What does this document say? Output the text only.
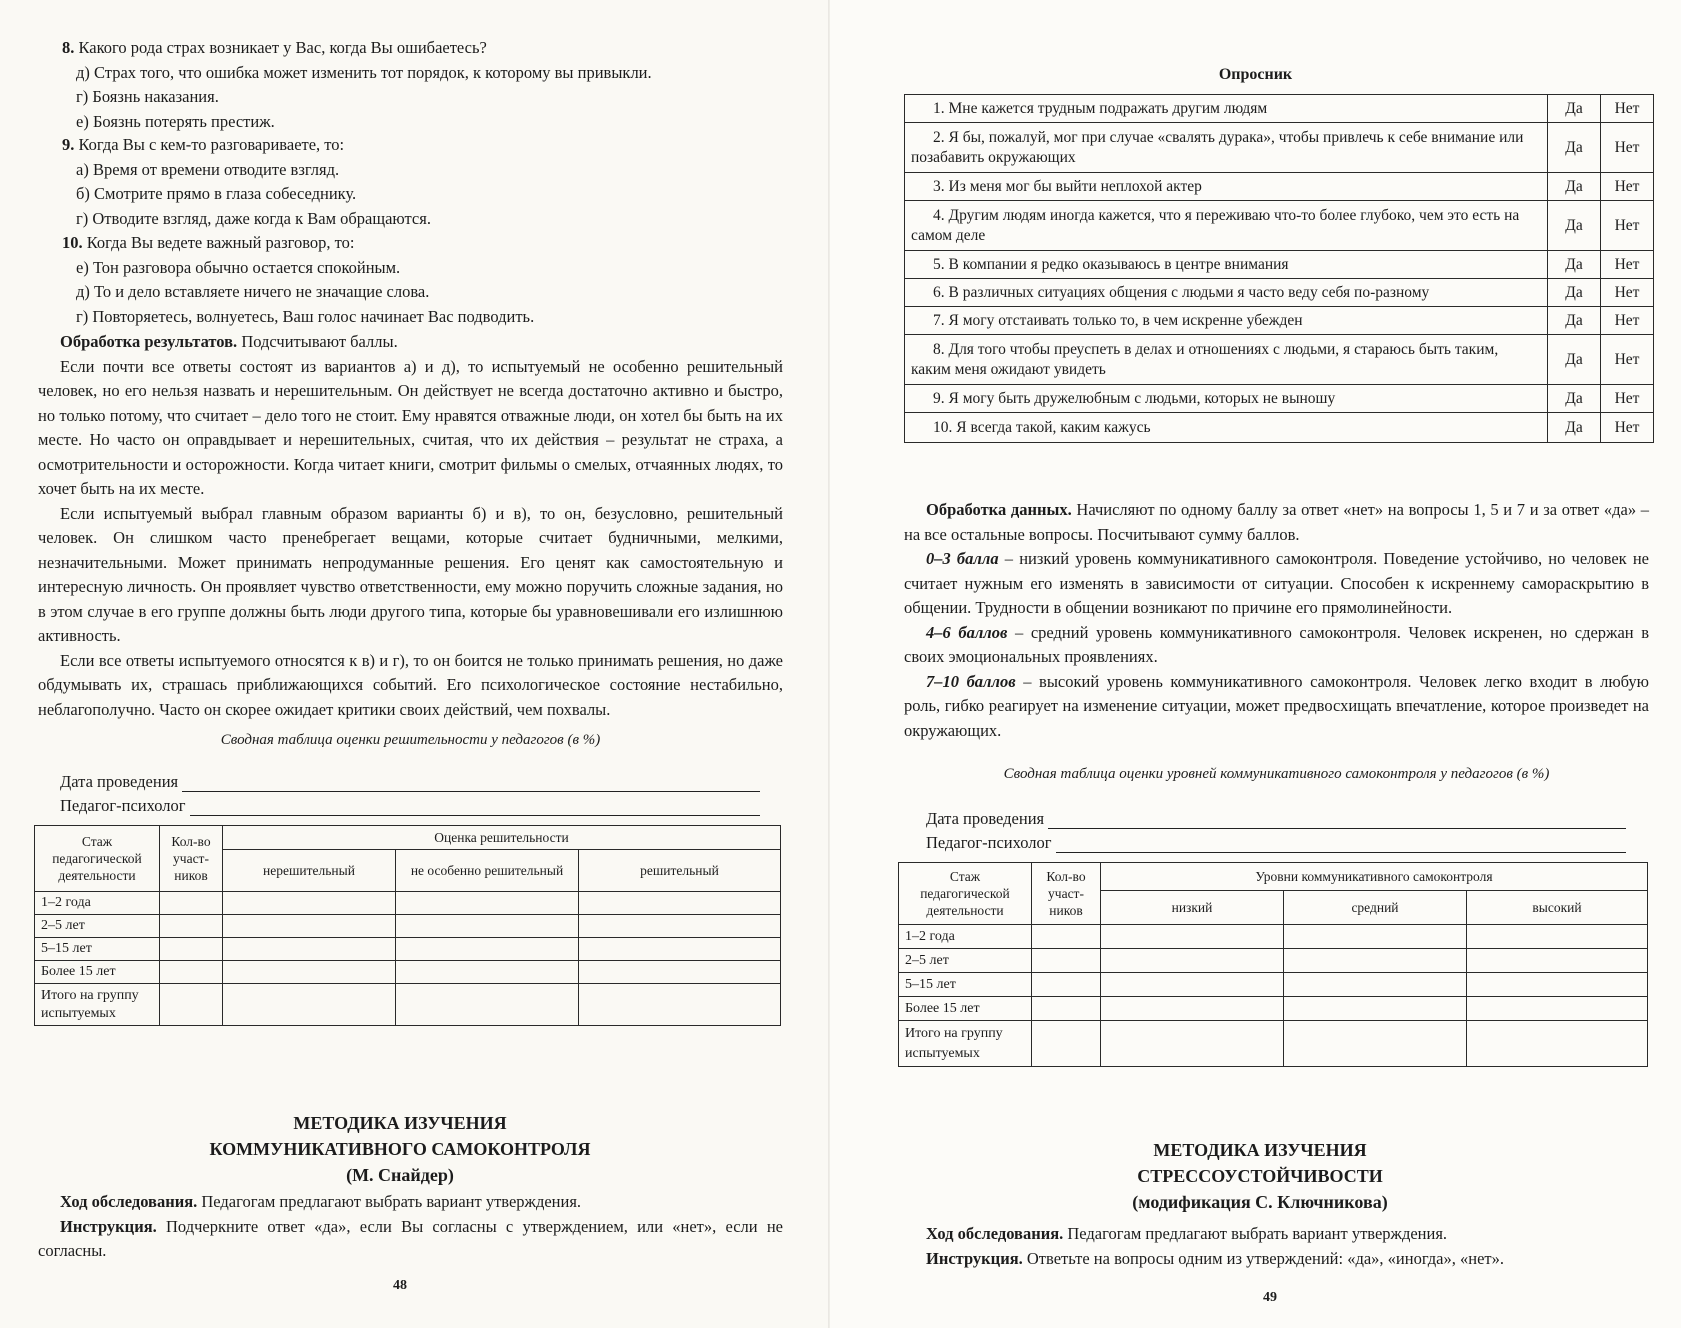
8. Какого рода страх возникает у Вас, когда Вы ошибаетесь?

д) Страх того, что ошибка может изменить тот порядок, к которому вы привыкли.

г) Боязнь наказания.

е) Боязнь потерять престиж.

9. Когда Вы с кем-то разговариваете, то:

а) Время от времени отводите взгляд.

б) Смотрите прямо в глаза собеседнику.

г) Отводите взгляд, даже когда к Вам обращаются.

10. Когда Вы ведете важный разговор, то:

е) Тон разговора обычно остается спокойным.

д) То и дело вставляете ничего не значащие слова.

г) Повторяетесь, волнуетесь, Ваш голос начинает Вас подводить.

Обработка результатов. Подсчитывают баллы.

Если почти все ответы состоят из вариантов а) и д), то испытуемый не особенно решительный человек, но его нельзя назвать и нерешительным. Он действует не всегда достаточно активно и быстро, но только потому, что считает – дело того не стоит. Ему нравятся отважные люди, он хотел бы быть на их месте. Но часто он оправдывает и нерешительных, считая, что их действия – результат не страха, а осмотрительности и осторожности. Когда читает книги, смотрит фильмы о смелых, отчаянных людях, то хочет быть на их месте.

Если испытуемый выбрал главным образом варианты б) и в), то он, безусловно, решительный человек. Он слишком часто пренебрегает вещами, которые считает будничными, мелкими, незначительными. Может принимать непродуманные решения. Его ценят как самостоятельную и интересную личность. Он проявляет чувство ответственности, ему можно поручить сложные задания, но в этом случае в его группе должны быть люди другого типа, которые бы уравновешивали его излишнюю активность.

Если все ответы испытуемого относятся к в) и г), то он боится не только принимать решения, но даже обдумывать их, страшась приближающихся событий. Его психологическое состояние нестабильно, неблагополучно. Часто он скорее ожидает критики своих действий, чем похвалы.

Сводная таблица оценки решительности у педагогов (в %)
Дата проведения
Педагог-психолог
Стаж педагогической деятельности	Кол-во участ-ников	Оценка решительности		
		нерешительный	не особенно решительный	решительный
1–2 года				
2–5 лет				
5–15 лет				
Более 15 лет				
Итого на группу испытуемых				
МЕТОДИКА ИЗУЧЕНИЯ
КОММУНИКАТИВНОГО САМОКОНТРОЛЯ
(М. Снайдер)

Ход обследования. Педагогам предлагают выбрать вариант утверждения.

Инструкция. Подчеркните ответ «да», если Вы согласны с утверждением, или «нет», если не согласны.

48
Опросник
1. Мне кажется трудным подражать другим людям	Да	Нет
2. Я бы, пожалуй, мог при случае «свалять дурака», чтобы привлечь к себе внимание или позабавить окружающих	Да	Нет
3. Из меня мог бы выйти неплохой актер	Да	Нет
4. Другим людям иногда кажется, что я переживаю что-то более глубоко, чем это есть на самом деле	Да	Нет
5. В компании я редко оказываюсь в центре внимания	Да	Нет
6. В различных ситуациях общения с людьми я часто веду себя по-разному	Да	Нет
7. Я могу отстаивать только то, в чем искренне убежден	Да	Нет
8. Для того чтобы преуспеть в делах и отношениях с людьми, я стараюсь быть таким, каким меня ожидают увидеть	Да	Нет
9. Я могу быть дружелюбным с людьми, которых не выношу	Да	Нет
10. Я всегда такой, каким кажусь	Да	Нет

Обработка данных. Начисляют по одному баллу за ответ «нет» на вопросы 1, 5 и 7 и за ответ «да» – на все остальные вопросы. Посчитывают сумму баллов.

0–3 балла – низкий уровень коммуникативного самоконтроля. Поведение устойчиво, но человек не считает нужным его изменять в зависимости от ситуации. Способен к искреннему самораскрытию в общении. Трудности в общении возникают по причине его прямолинейности.

4–6 баллов – средний уровень коммуникативного самоконтроля. Человек искренен, но сдержан в своих эмоциональных проявлениях.

7–10 баллов – высокий уровень коммуникативного самоконтроля. Человек легко входит в любую роль, гибко реагирует на изменение ситуации, может предвосхищать впечатление, которое произведет на окружающих.

Сводная таблица оценки уровней коммуникативного самоконтроля у педагогов (в %)
Дата проведения
Педагог-психолог
Стаж педагогической деятельности	Кол-во участ-ников	Уровни коммуникативного самоконтроля		
		низкий	средний	высокий
1–2 года				
2–5 лет				
5–15 лет				
Более 15 лет				
Итого на группу испытуемых				
МЕТОДИКА ИЗУЧЕНИЯ
СТРЕССОУСТОЙЧИВОСТИ
(модификация С. Ключникова)

Ход обследования. Педагогам предлагают выбрать вариант утверждения.

Инструкция. Ответьте на вопросы одним из утверждений: «да», «иногда», «нет».

49
